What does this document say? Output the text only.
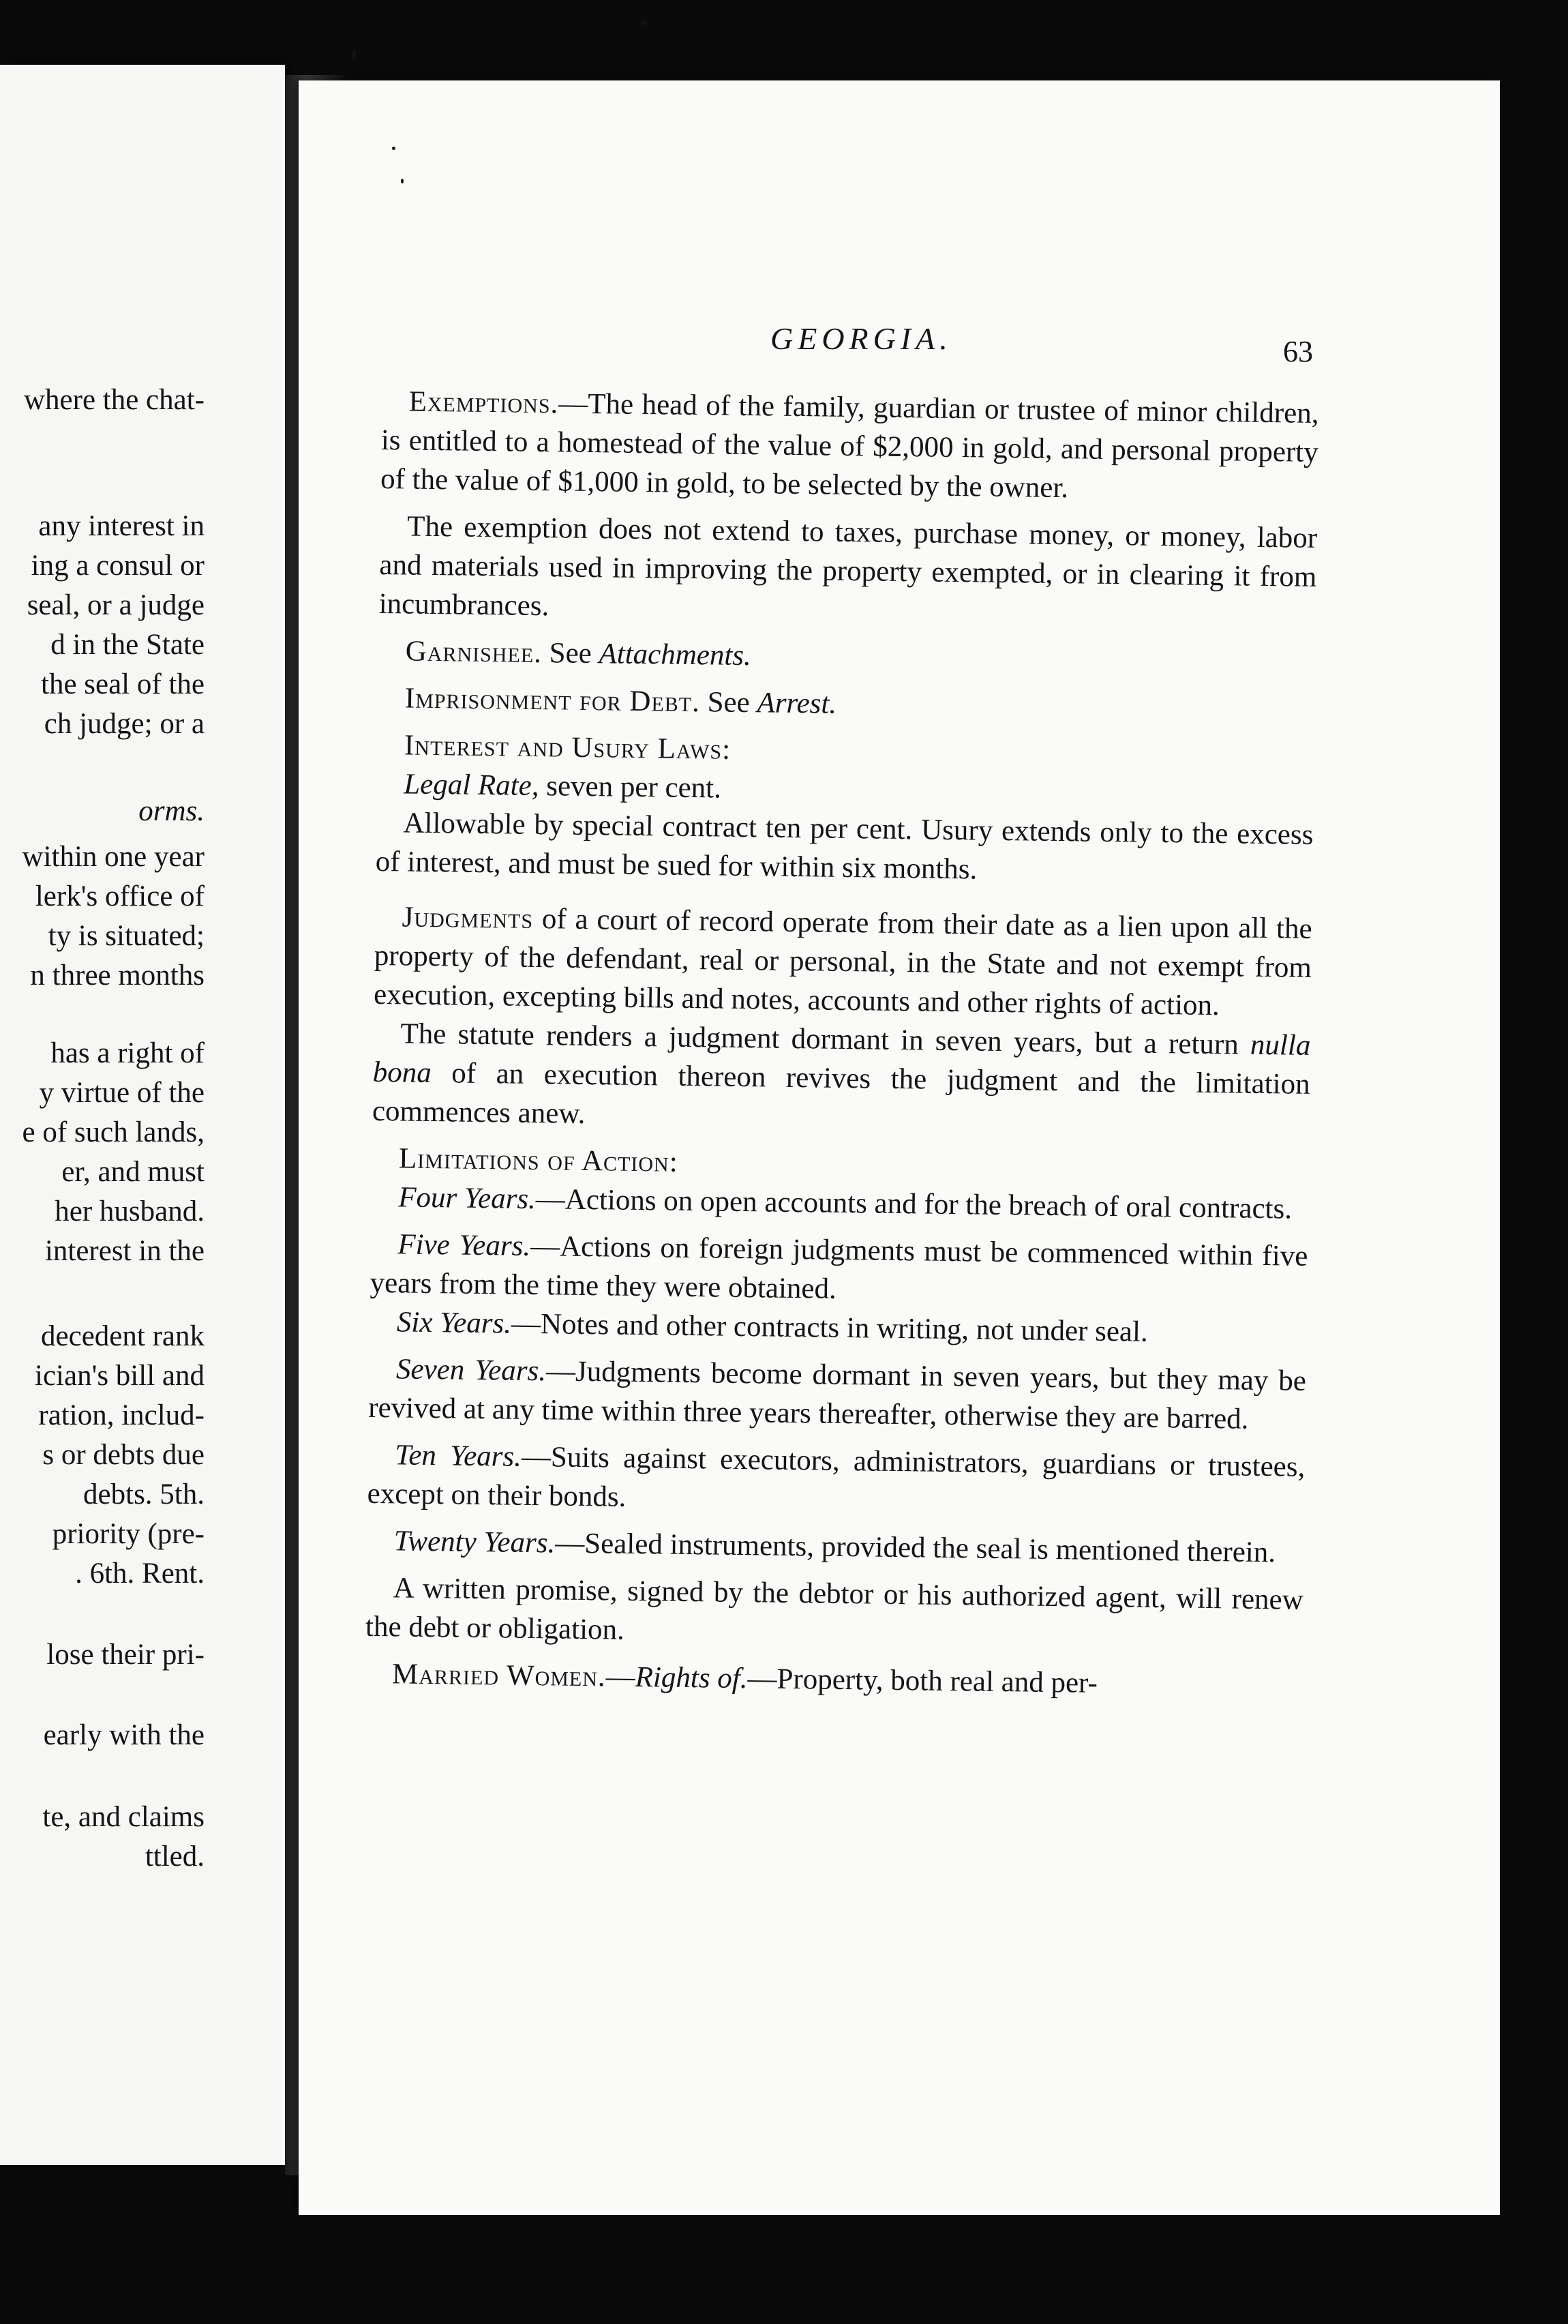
where the chat-
any interest in
ing a consul or
seal, or a judge
d in the State
the seal of the
ch judge; or a
orms.
within one year
lerk's office of
ty is situated;
n three months
has a right of
y virtue of the
e of such lands,
er, and must
her husband.
interest in the
decedent rank
ician's bill and
ration, includ-
s or debts due
debts. 5th.
priority (pre-
. 6th. Rent.
lose their pri-
early with the
te, and claims
ttled.
GEORGIA.	63

Exemptions.—The head of the family, guardian or trustee of minor children, is entitled to a homestead of the value of $2,000 in gold, and personal property of the value of $1,000 in gold, to be selected by the owner.

The exemption does not extend to taxes, purchase money, or money, labor and materials used in improving the property exempted, or in clearing it from incumbrances.

Garnishee. See Attachments.

Imprisonment for Debt. See Arrest.

Interest and Usury Laws:

Legal Rate, seven per cent.

Allowable by special contract ten per cent. Usury extends only to the excess of interest, and must be sued for within six months.

Judgments of a court of record operate from their date as a lien upon all the property of the defendant, real or personal, in the State and not exempt from execution, excepting bills and notes, accounts and other rights of action.

The statute renders a judgment dormant in seven years, but a return nulla bona of an execution thereon revives the judgment and the limitation commences anew.

Limitations of Action:

Four Years.—Actions on open accounts and for the breach of oral contracts.

Five Years.—Actions on foreign judgments must be commenced within five years from the time they were obtained.

Six Years.—Notes and other contracts in writing, not under seal.

Seven Years.—Judgments become dormant in seven years, but they may be revived at any time within three years thereafter, otherwise they are barred.

Ten Years.—Suits against executors, administrators, guardians or trustees, except on their bonds.

Twenty Years.—Sealed instruments, provided the seal is mentioned therein.

A written promise, signed by the debtor or his authorized agent, will renew the debt or obligation.

Married Women.—Rights of.—Property, both real and per-
